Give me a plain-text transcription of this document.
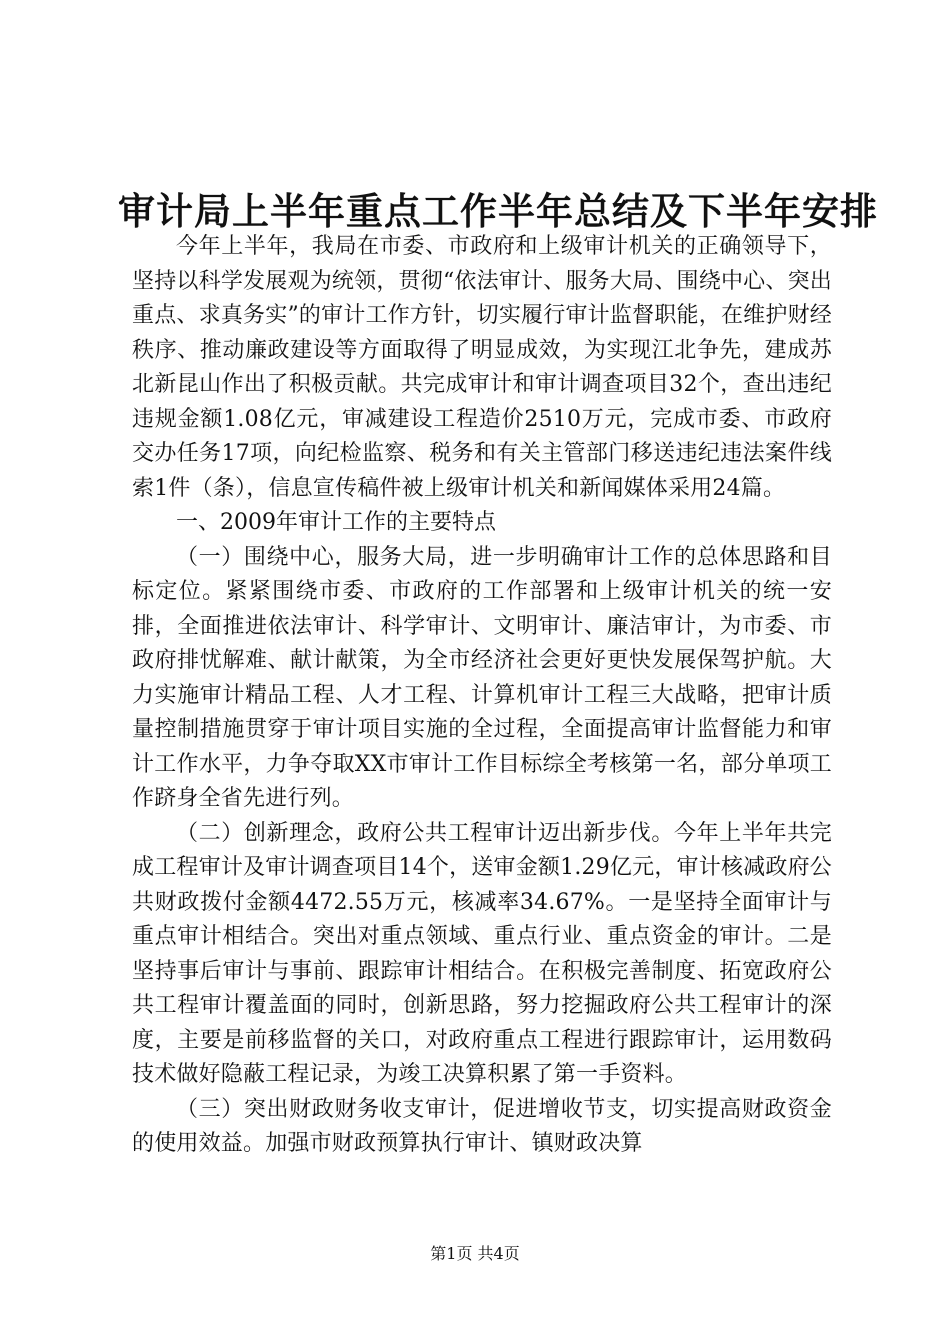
审计局上半年重点工作半年总结及下半年安排

今年上半年，我局在市委、市政府和上级审计机关的正确领导下，坚持以科学发展观为统领，贯彻“依法审计、服务大局、围绕中心、突出重点、求真务实”的审计工作方针，切实履行审计监督职能，在维护财经秩序、推动廉政建设等方面取得了明显成效，为实现江北争先，建成苏北新昆山作出了积极贡献。共完成审计和审计调查项目32个，查出违纪违规金额1.08亿元，审减建设工程造价2510万元，完成市委、市政府交办任务17项，向纪检监察、税务和有关主管部门移送违纪违法案件线索1件（条），信息宣传稿件被上级审计机关和新闻媒体采用24篇。

一、2009年审计工作的主要特点

（一）围绕中心，服务大局，进一步明确审计工作的总体思路和目标定位。紧紧围绕市委、市政府的工作部署和上级审计机关的统一安排，全面推进依法审计、科学审计、文明审计、廉洁审计，为市委、市政府排忧解难、献计献策，为全市经济社会更好更快发展保驾护航。大力实施审计精品工程、人才工程、计算机审计工程三大战略，把审计质量控制措施贯穿于审计项目实施的全过程，全面提高审计监督能力和审计工作水平，力争夺取XX市审计工作目标综全考核第一名，部分单项工作跻身全省先进行列。

（二）创新理念，政府公共工程审计迈出新步伐。今年上半年共完成工程审计及审计调查项目14个，送审金额1.29亿元，审计核减政府公共财政拨付金额4472.55万元，核减率34.67%。一是坚持全面审计与重点审计相结合。突出对重点领域、重点行业、重点资金的审计。二是坚持事后审计与事前、跟踪审计相结合。在积极完善制度、拓宽政府公共工程审计覆盖面的同时，创新思路，努力挖掘政府公共工程审计的深度，主要是前移监督的关口，对政府重点工程进行跟踪审计，运用数码技术做好隐蔽工程记录，为竣工决算积累了第一手资料。

（三）突出财政财务收支审计，促进增收节支，切实提高财政资金的使用效益。加强市财政预算执行审计、镇财政决算

第1页 共4页
